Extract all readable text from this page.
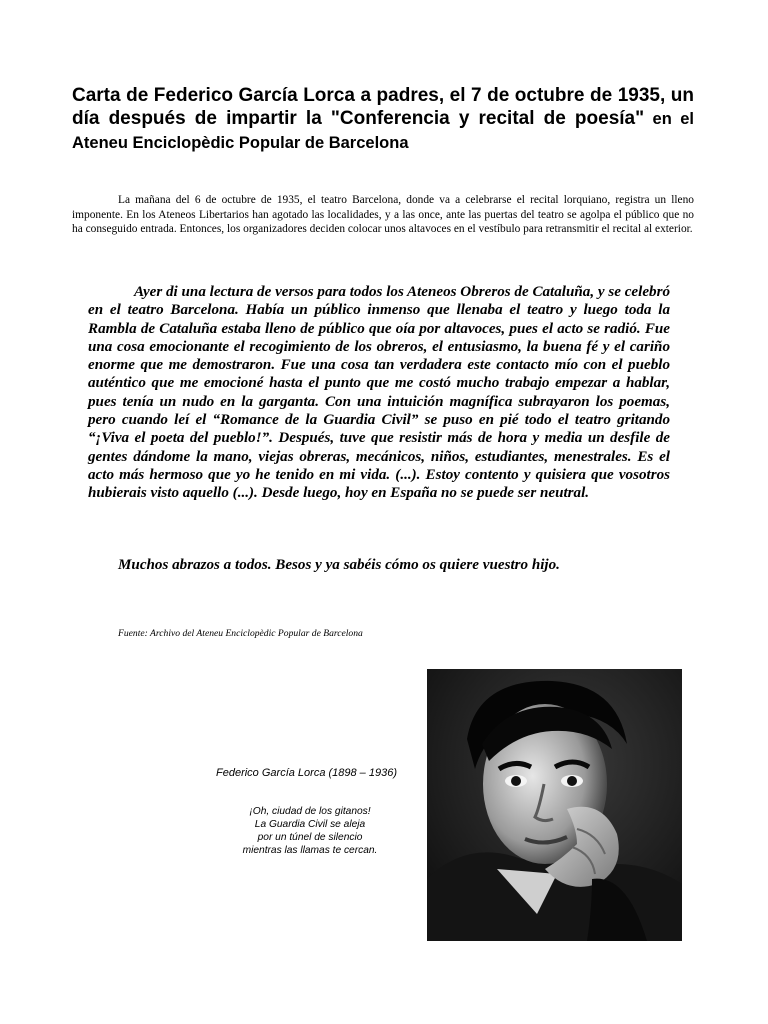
Carta de Federico García Lorca a padres, el 7 de octubre de 1935, un día después de impartir la "Conferencia y recital de poesía" en el Ateneu Enciclopèdic Popular de Barcelona

La mañana del 6 de octubre de 1935, el teatro Barcelona, donde va a celebrarse el recital lorquiano, registra un lleno imponente. En los Ateneos Libertarios han agotado las localidades, y a las once, ante las puertas del teatro se agolpa el público que no ha conseguido entrada. Entonces, los organizadores deciden colocar unos altavoces en el vestíbulo para retransmitir el recital al exterior.

Ayer di una lectura de versos para todos los Ateneos Obreros de Cataluña, y se celebró en el teatro Barcelona. Había un público inmenso que llenaba el teatro y luego toda la Rambla de Cataluña estaba lleno de público que oía por altavoces, pues el acto se radió. Fue una cosa emocionante el recogimiento de los obreros, el entusiasmo, la buena fé y el cariño enorme que me demostraron. Fue una cosa tan verdadera este contacto mío con el pueblo auténtico que me emocioné hasta el punto que me costó mucho trabajo empezar a hablar, pues tenía un nudo en la garganta. Con una intuición magnífica subrayaron los poemas, pero cuando leí el “Romance de la Guardia Civil” se puso en pié todo el teatro gritando “¡Viva el poeta del pueblo!”. Después, tuve que resistir más de hora y media un desfile de gentes dándome la mano, viejas obreras, mecánicos, niños, estudiantes, menestrales. Es el acto más hermoso que yo he tenido en mi vida. (...). Estoy contento y quisiera que vosotros hubierais visto aquello (...). Desde luego, hoy en España no se puede ser neutral.

Muchos abrazos a todos. Besos y ya sabéis cómo os quiere vuestro hijo.

Fuente: Archivo del Ateneu Enciclopèdic Popular de Barcelona

Federico García Lorca (1898 – 1936)

¡Oh, ciudad de los gitanos!
La Guardia Civil se aleja
por un túnel de silencio
mientras las llamas te cercan.
